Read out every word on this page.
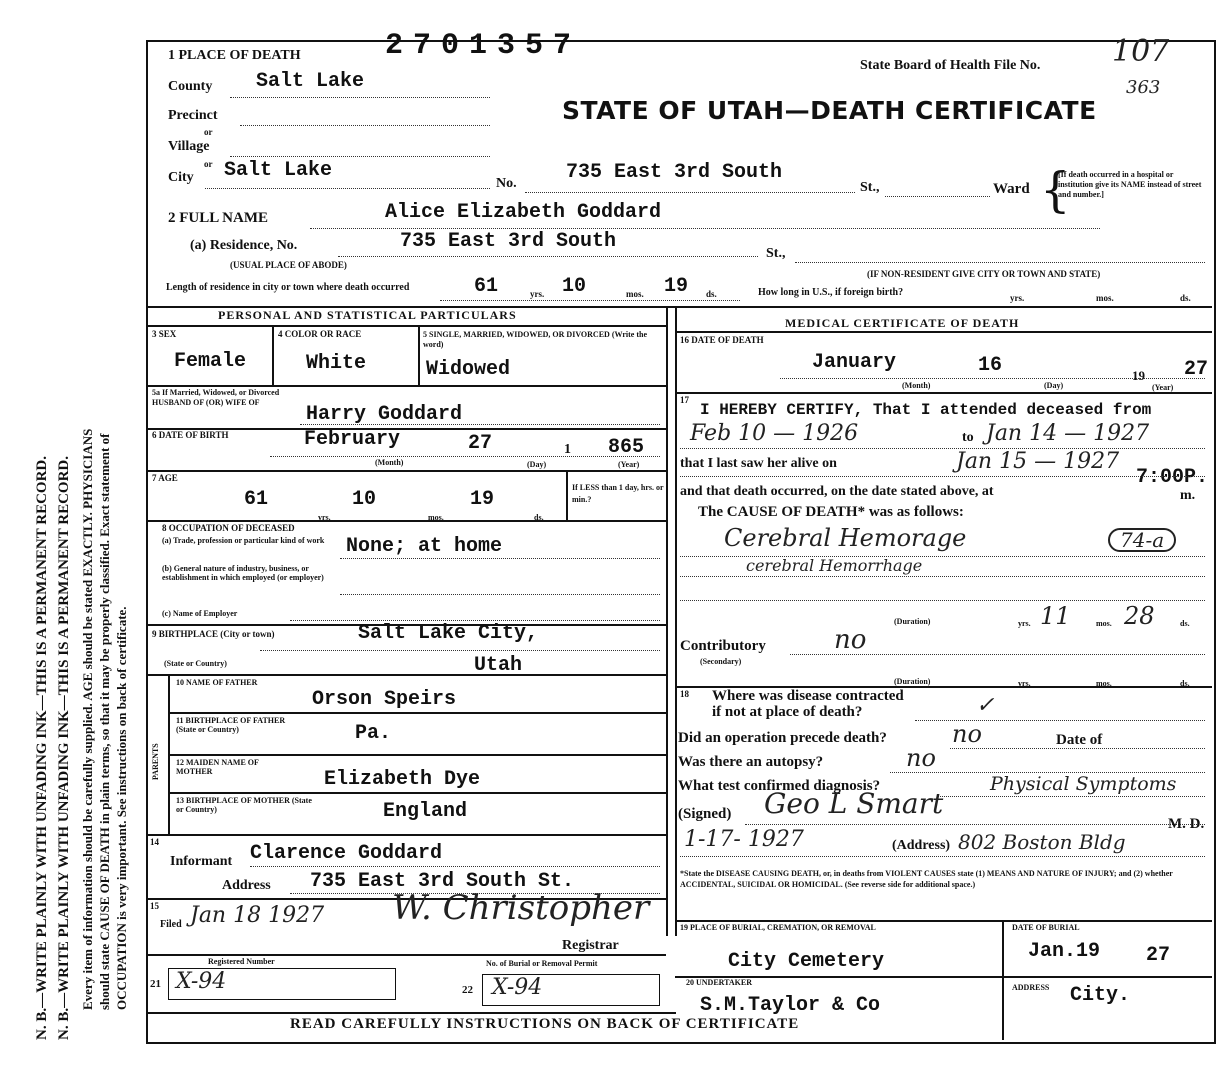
N. B.—WRITE PLAINLY WITH UNFADING INK—THIS IS A PERMANENT RECORD. N. B.—WRITE PLAINLY WITH UNFADING INK—THIS IS A PERMANENT RECORD. Every item of information should be carefully supplied. AGE should be stated EXACTLY. PHYSICIANS should state CAUSE OF DEATH in plain terms, so that it may be properly classified. Exact statement of OCCUPATION is very important. See instructions on back of certificate.
1 PLACE OF DEATH	2701357
State Board of Health File No. 107
363
STATE OF UTAH—DEATH CERTIFICATE
County Salt Lake
Precinct
or
Village
or
City Salt Lake
No. 735 East 3rd South
St.,	Ward {
[If death occurred in a hospital or institution give its NAME instead of street and number.]
2 FULL NAME	Alice Elizabeth Goddard
(a) Residence, No.	735 East 3rd South
(USUAL PLACE OF ABODE)
St.,
(IF NON-RESIDENT GIVE CITY OR TOWN AND STATE)
Length of residence in city or town where death occurred	61	yrs. 10	mos. 19 ds.	How long in U.S., if foreign birth?	yrs.	mos.	ds.
PERSONAL AND STATISTICAL PARTICULARS
MEDICAL CERTIFICATE OF DEATH
3 SEX
Female
4 COLOR OR RACE
White
5 SINGLE, MARRIED, WIDOWED, OR DIVORCED (Write the word)
Widowed
5a If Married, Widowed, or Divorced HUSBAND OF (OR) WIFE OF
Harry Goddard
6 DATE OF BIRTH	February	27	1 865
(Month)	(Day)	(Year)
7 AGE
61
yrs.
10
mos.
19
ds.
If LESS than 1 day, hrs. or min.?
8 OCCUPATION OF DECEASED
(a) Trade, profession or particular kind of work	None; at home
(b) General nature of industry, business, or establishment in which employed (or employer)
(c) Name of Employer
9 BIRTHPLACE (City or town)	Salt Lake City,
(State or Country)	Utah
PARENTS
10 NAME OF FATHER
Orson Speirs
11 BIRTHPLACE OF FATHER (State or Country)	Pa.
12 MAIDEN NAME OF MOTHER	Elizabeth Dye
13 BIRTHPLACE OF MOTHER (State or Country)	England
14
Informant Clarence Goddard
Address 735 East 3rd South St.
15
Filed Jan 18 1927 W. Christopher
Registrar
Registered Number
21 X-94
No. of Burial or Removal Permit
22 X-94
16 DATE OF DEATH
January	16	19 27
(Month)	(Day)	(Year)
17
I HEREBY CERTIFY, That I attended deceased from
Feb 10 — 1926	to Jan 14 — 1927
that I last saw her alive on	Jan 15 — 1927
7:00P.
and that death occurred, on the date stated above, at	m.
The CAUSE OF DEATH* was as follows:
Cerebral Hemorage	74-a
cerebral Hemorrhage
(Duration)	yrs. 11	mos. 28	ds.
Contributory
(Secondary)
no
(Duration)	yrs.	mos.	ds.
18 Where was disease contracted
if not at place of death?	✓
Did an operation precede death?	no	Date of
Was there an autopsy?	no
What test confirmed diagnosis?	Physical Symptoms
(Signed) Geo L Smart
M. D.
1-17- 1927	(Address) 802 Boston Bldg
*State the DISEASE CAUSING DEATH, or, in deaths from VIOLENT CAUSES state (1) MEANS AND NATURE OF INJURY; and (2) whether ACCIDENTAL, SUICIDAL OR HOMICIDAL. (See reverse side for additional space.)
19 PLACE OF BURIAL, CREMATION, OR REMOVAL
City Cemetery
DATE OF BURIAL
Jan.19 27
20 UNDERTAKER
S.M.Taylor & Co
ADDRESS City.
READ CAREFULLY INSTRUCTIONS ON BACK OF CERTIFICATE
